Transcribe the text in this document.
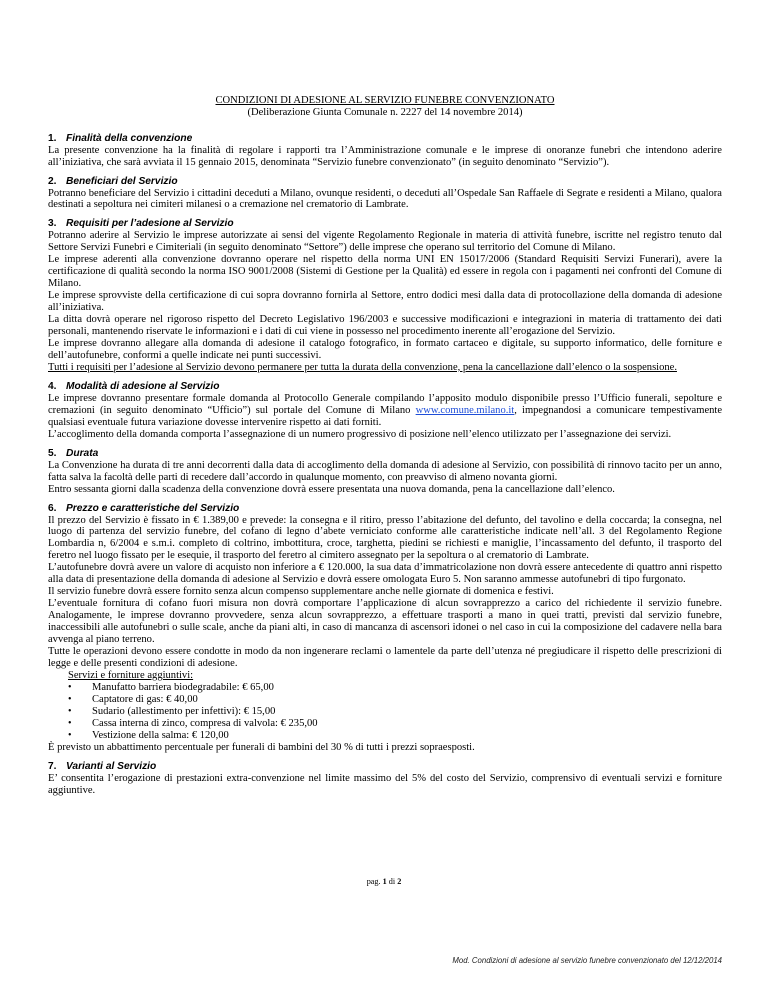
CONDIZIONI DI ADESIONE AL SERVIZIO FUNEBRE CONVENZIONATO
(Deliberazione Giunta Comunale n. 2227 del 14 novembre 2014)
1. Finalità della convenzione

La presente convenzione ha la finalità di regolare i rapporti tra l’Amministrazione comunale e le imprese di onoranze funebri che intendono aderire all’iniziativa, che sarà avviata il 15 gennaio 2015, denominata “Servizio funebre convenzionato” (in seguito denominato “Servizio”).

2. Beneficiari del Servizio

Potranno beneficiare del Servizio i cittadini deceduti a Milano, ovunque residenti, o deceduti all’Ospedale San Raffaele di Segrate e residenti a Milano, qualora destinati a sepoltura nei cimiteri milanesi o a cremazione nel crematorio di Lambrate.

3. Requisiti per l’adesione al Servizio

Potranno aderire al Servizio le imprese autorizzate ai sensi del vigente Regolamento Regionale in materia di attività funebre, iscritte nel registro tenuto dal Settore Servizi Funebri e Cimiteriali (in seguito denominato “Settore”) delle imprese che operano sul territorio del Comune di Milano.

Le imprese aderenti alla convenzione dovranno operare nel rispetto della norma UNI EN 15017/2006 (Standard Requisiti Servizi Funerari), avere la certificazione di qualità secondo la norma ISO 9001/2008 (Sistemi di Gestione per la Qualità) ed essere in regola con i pagamenti nei confronti del Comune di Milano.

Le imprese sprovviste della certificazione di cui sopra dovranno fornirla al Settore, entro dodici mesi dalla data di protocollazione della domanda di adesione all’iniziativa.

La ditta dovrà operare nel rigoroso rispetto del Decreto Legislativo 196/2003 e successive modificazioni e integrazioni in materia di trattamento dei dati personali, mantenendo riservate le informazioni e i dati di cui viene in possesso nel procedimento inerente all’erogazione del Servizio.

Le imprese dovranno allegare alla domanda di adesione il catalogo fotografico, in formato cartaceo e digitale, su supporto informatico, delle forniture e dell’autofunebre, conformi a quelle indicate nei punti successivi.

Tutti i requisiti per l’adesione al Servizio devono permanere per tutta la durata della convenzione, pena la cancellazione dall’elenco o la sospensione.

4. Modalità di adesione al Servizio

Le imprese dovranno presentare formale domanda al Protocollo Generale compilando l’apposito modulo disponibile presso l’Ufficio funerali, sepolture e cremazioni (in seguito denominato “Ufficio”) sul portale del Comune di Milano www.comune.milano.it, impegnandosi a comunicare tempestivamente qualsiasi eventuale futura variazione dovesse intervenire rispetto ai dati forniti.

L’accoglimento della domanda comporta l’assegnazione di un numero progressivo di posizione nell’elenco utilizzato per l’assegnazione dei servizi.

5. Durata

La Convenzione ha durata di tre anni decorrenti dalla data di accoglimento della domanda di adesione al Servizio, con possibilità di rinnovo tacito per un anno, fatta salva la facoltà delle parti di recedere dall’accordo in qualunque momento, con preavviso di almeno novanta giorni.

Entro sessanta giorni dalla scadenza della convenzione dovrà essere presentata una nuova domanda, pena la cancellazione dall’elenco.

6. Prezzo e caratteristiche del Servizio

Il prezzo del Servizio è fissato in € 1.389,00 e prevede: la consegna e il ritiro, presso l’abitazione del defunto, del tavolino e della coccarda; la consegna, nel luogo di partenza del servizio funebre, del cofano di legno d’abete verniciato conforme alle caratteristiche indicate nell’all. 3 del Regolamento Regione Lombardia n, 6/2004 e s.m.i. completo di coltrino, imbottitura, croce, targhetta, piedini se richiesti e maniglie, l’incassamento del defunto, il trasporto del feretro nel luogo fissato per le esequie, il trasporto del feretro al cimitero assegnato per la sepoltura o al crematorio di Lambrate.

L’autofunebre dovrà avere un valore di acquisto non inferiore a € 120.000, la sua data d’immatricolazione non dovrà essere antecedente di quattro anni rispetto alla data di presentazione della domanda di adesione al Servizio e dovrà essere omologata Euro 5. Non saranno ammesse autofunebri di tipo furgonato.

Il servizio funebre dovrà essere fornito senza alcun compenso supplementare anche nelle giornate di domenica e festivi.

L’eventuale fornitura di cofano fuori misura non dovrà comportare l’applicazione di alcun sovrapprezzo a carico del richiedente il servizio funebre. Analogamente, le imprese dovranno provvedere, senza alcun sovrapprezzo, a effettuare trasporti a mano in quei tratti, previsti dal servizio funebre, inaccessibili alle autofunebri o sulle scale, anche da piani alti, in caso di mancanza di ascensori idonei o nel caso in cui la composizione del cadavere nella bara avvenga al piano terreno.

Tutte le operazioni devono essere condotte in modo da non ingenerare reclami o lamentele da parte dell’utenza né pregiudicare il rispetto delle prescrizioni di legge e delle presenti condizioni di adesione.

Servizi e forniture aggiuntivi:
• Manufatto barriera biodegradabile: € 65,00
• Captatore di gas: € 40,00
• Sudario (allestimento per infettivi): € 15,00
• Cassa interna di zinco, compresa di valvola: € 235,00
• Vestizione della salma: € 120,00

È previsto un abbattimento percentuale per funerali di bambini del 30 % di tutti i prezzi sopraesposti.

7. Varianti al Servizio

E’ consentita l’erogazione di prestazioni extra-convenzione nel limite massimo del 5% del costo del Servizio, comprensivo di eventuali servizi e forniture aggiuntive.

pag. 1 di 2
Mod. Condizioni di adesione al servizio funebre convenzionato del 12/12/2014
